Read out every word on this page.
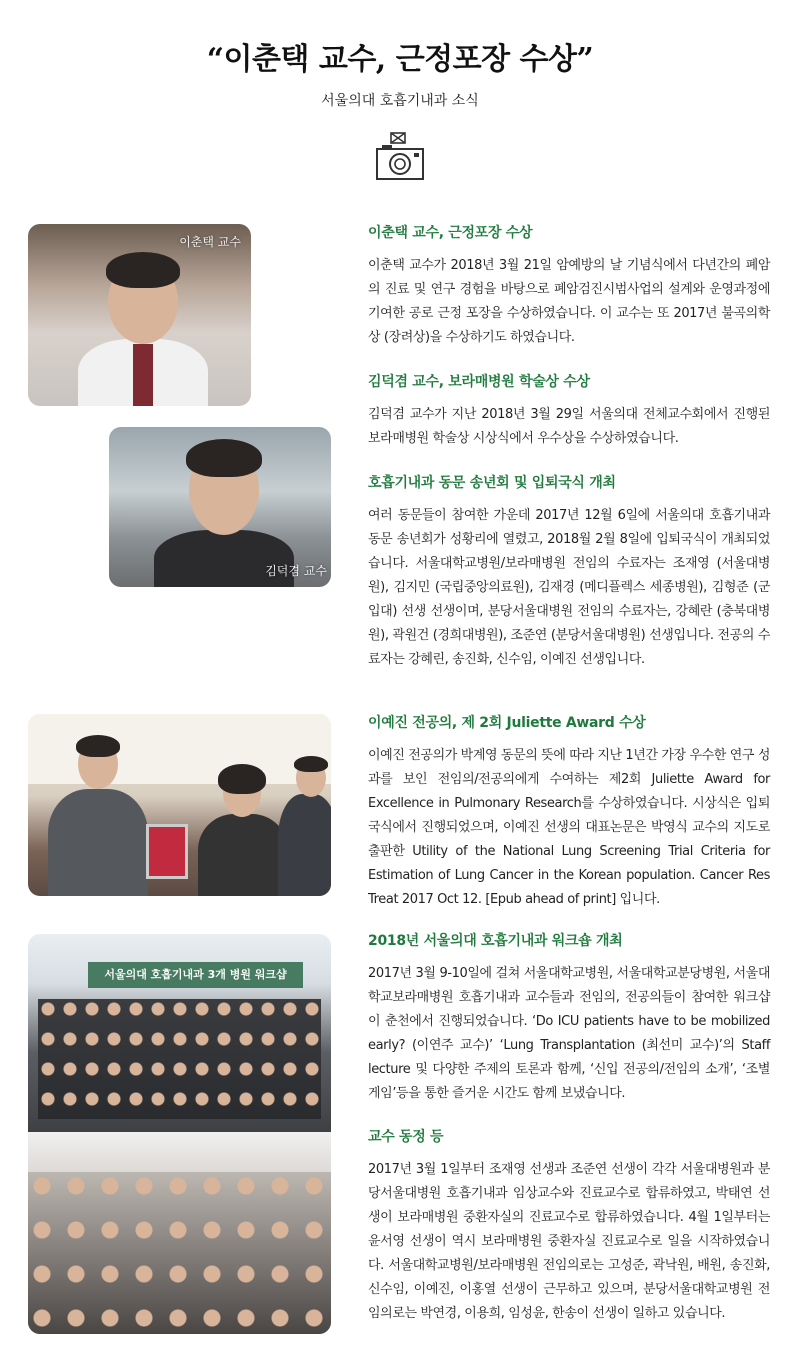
“이춘택 교수, 근정포장 수상”
서울의대 호흡기내과 소식
이춘택 교수
김덕겸 교수
서울의대 호흡기내과 3개 병원 워크샵
이춘택 교수, 근정포장 수상
이춘택 교수가 2018년 3월 21일 암예방의 날 기념식에서 다년간의 폐암의 진료 및 연구 경험을 바탕으로 폐암검진시범사업의 설계와 운영과정에 기여한 공로 근정 포장을 수상하였습니다. 이 교수는 또 2017년 불곡의학상 (장려상)을 수상하기도 하였습니다.
김덕겸 교수, 보라매병원 학술상 수상
김덕겸 교수가 지난 2018년 3월 29일 서울의대 전체교수회에서 진행된 보라매병원 학술상 시상식에서 우수상을 수상하였습니다.
호흡기내과 동문 송년회 및 입퇴국식 개최
여러 동문들이 참여한 가운데 2017년 12월 6일에 서울의대 호흡기내과 동문 송년회가 성황리에 열렸고, 2018월 2월 8일에 입퇴국식이 개최되었습니다. 서울대학교병원/보라매병원 전임의 수료자는 조재영 (서울대병원), 김지민 (국립중앙의료원), 김재경 (메디플렉스 세종병원), 김형준 (군입대) 선생 선생이며, 분당서울대병원 전임의 수료자는, 강혜란 (충북대병원), 곽원건 (경희대병원), 조준연 (분당서울대병원) 선생입니다. 전공의 수료자는 강혜린, 송진화, 신수임, 이예진 선생입니다.
이예진 전공의, 제 2회 Juliette Award 수상
이예진 전공의가 박계영 동문의 뜻에 따라 지난 1년간 가장 우수한 연구 성과를 보인 전임의/전공의에게 수여하는 제2회 Juliette Award for Excellence in Pulmonary Research를 수상하였습니다. 시상식은 입퇴국식에서 진행되었으며, 이예진 선생의 대표논문은 박영식 교수의 지도로 출판한 Utility of the National Lung Screening Trial Criteria for Estimation of Lung Cancer in the Korean population. Cancer Res Treat 2017 Oct 12. [Epub ahead of print] 입니다.
2018년 서울의대 호흡기내과 워크숍 개최
2017년 3월 9-10일에 걸쳐 서울대학교병원, 서울대학교분당병원, 서울대학교보라매병원 호흡기내과 교수들과 전임의, 전공의들이 참여한 워크샵이 춘천에서 진행되었습니다. ‘Do ICU patients have to be mobilized early? (이연주 교수)’ ‘Lung Transplantation (최선미 교수)’의 Staff lecture 및 다양한 주제의 토론과 함께, ‘신입 전공의/전임의 소개’, ‘조별 게임’등을 통한 즐거운 시간도 함께 보냈습니다.
교수 동정 등
2017년 3월 1일부터 조재영 선생과 조준연 선생이 각각 서울대병원과 분당서울대병원 호흡기내과 임상교수와 진료교수로 합류하였고, 박태연 선생이 보라매병원 중환자실의 진료교수로 합류하였습니다. 4월 1일부터는 윤서영 선생이 역시 보라매병원 중환자실 진료교수로 일을 시작하였습니다. 서울대학교병원/보라매병원 전임의로는 고성준, 곽낙원, 배원, 송진화, 신수임, 이예진, 이홍열 선생이 근무하고 있으며, 분당서울대학교병원 전임의로는 박연경, 이용희, 임성윤, 한송이 선생이 일하고 있습니다.
